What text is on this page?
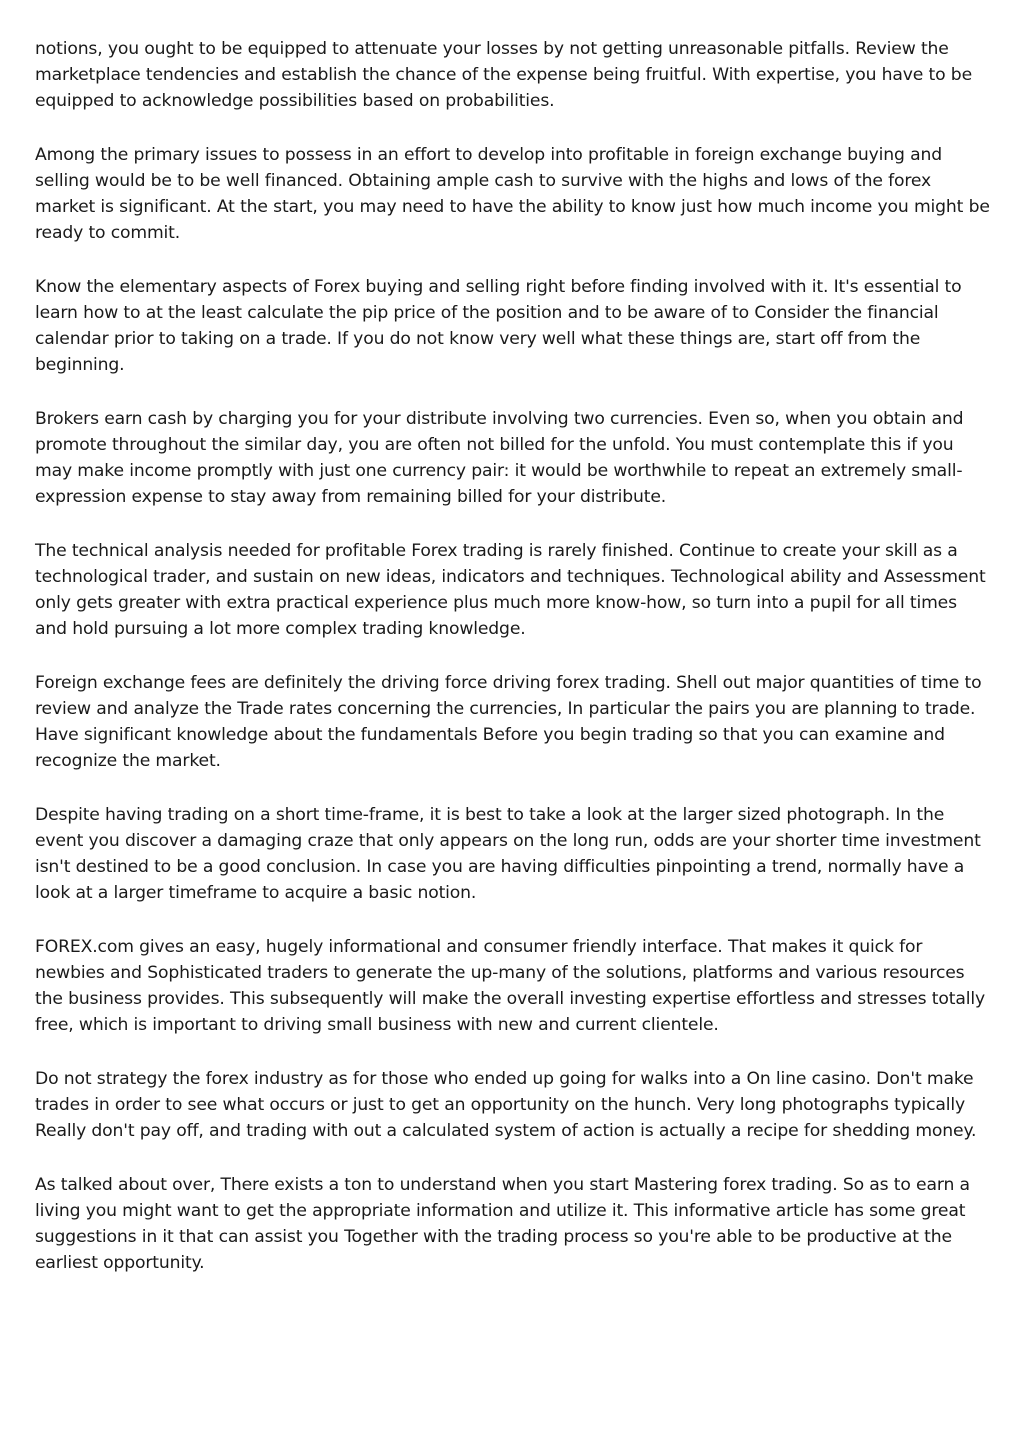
notions, you ought to be equipped to attenuate your losses by not getting unreasonable pitfalls. Review the marketplace tendencies and establish the chance of the expense being fruitful. With expertise, you have to be equipped to acknowledge possibilities based on probabilities.

Among the primary issues to possess in an effort to develop into profitable in foreign exchange buying and selling would be to be well financed. Obtaining ample cash to survive with the highs and lows of the forex market is significant. At the start, you may need to have the ability to know just how much income you might be ready to commit.

Know the elementary aspects of Forex buying and selling right before finding involved with it. It's essential to learn how to at the least calculate the pip price of the position and to be aware of to Consider the financial calendar prior to taking on a trade. If you do not know very well what these things are, start off from the beginning.

Brokers earn cash by charging you for your distribute involving two currencies. Even so, when you obtain and promote throughout the similar day, you are often not billed for the unfold. You must contemplate this if you may make income promptly with just one currency pair: it would be worthwhile to repeat an extremely small-expression expense to stay away from remaining billed for your distribute.

The technical analysis needed for profitable Forex trading is rarely finished. Continue to create your skill as a technological trader, and sustain on new ideas, indicators and techniques. Technological ability and Assessment only gets greater with extra practical experience plus much more know-how, so turn into a pupil for all times and hold pursuing a lot more complex trading knowledge.

Foreign exchange fees are definitely the driving force driving forex trading. Shell out major quantities of time to review and analyze the Trade rates concerning the currencies, In particular the pairs you are planning to trade. Have significant knowledge about the fundamentals Before you begin trading so that you can examine and recognize the market.

Despite having trading on a short time-frame, it is best to take a look at the larger sized photograph. In the event you discover a damaging craze that only appears on the long run, odds are your shorter time investment isn't destined to be a good conclusion. In case you are having difficulties pinpointing a trend, normally have a look at a larger timeframe to acquire a basic notion.

FOREX.com gives an easy, hugely informational and consumer friendly interface. That makes it quick for newbies and Sophisticated traders to generate the up-many of the solutions, platforms and various resources the business provides. This subsequently will make the overall investing expertise effortless and stresses totally free, which is important to driving small business with new and current clientele.

Do not strategy the forex industry as for those who ended up going for walks into a On line casino. Don't make trades in order to see what occurs or just to get an opportunity on the hunch. Very long photographs typically Really don't pay off, and trading with out a calculated system of action is actually a recipe for shedding money.

As talked about over, There exists a ton to understand when you start Mastering forex trading. So as to earn a living you might want to get the appropriate information and utilize it. This informative article has some great suggestions in it that can assist you Together with the trading process so you're able to be productive at the earliest opportunity.
